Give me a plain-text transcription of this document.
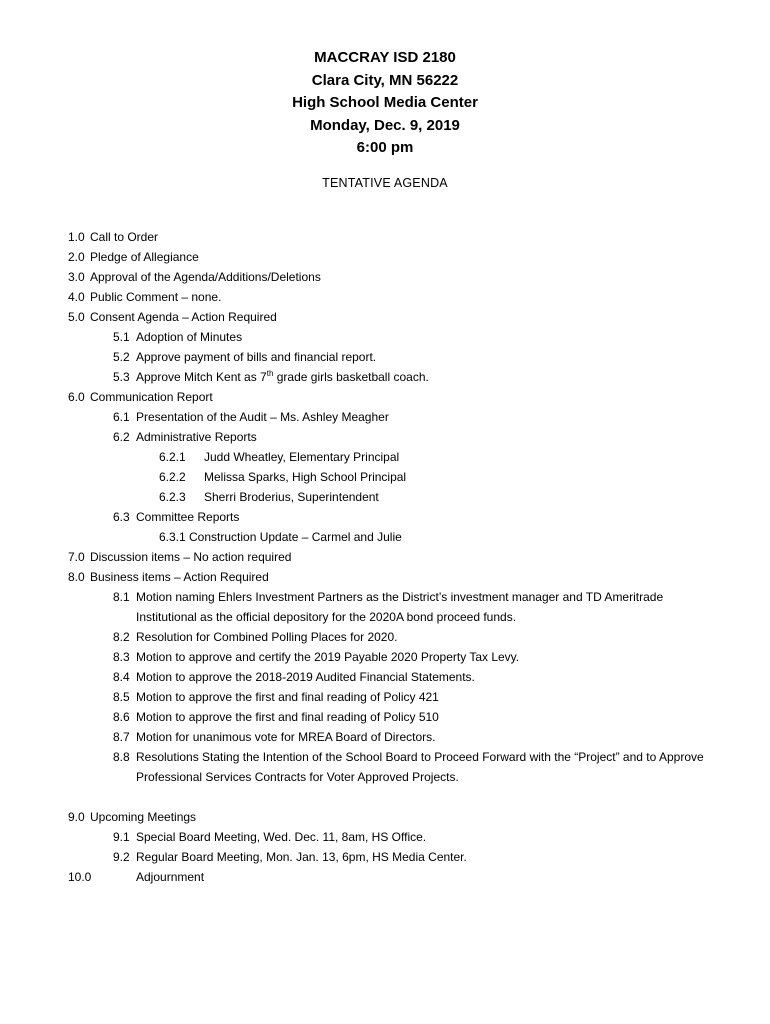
MACCRAY ISD 2180
Clara City, MN 56222
High School Media Center
Monday, Dec. 9, 2019
6:00 pm
TENTATIVE AGENDA
1.0 Call to Order
2.0 Pledge of Allegiance
3.0 Approval of the Agenda/Additions/Deletions
4.0 Public Comment – none.
5.0 Consent Agenda – Action Required
5.1 Adoption of Minutes
5.2 Approve payment of bills and financial report.
5.3 Approve Mitch Kent as 7th grade girls basketball coach.
6.0 Communication Report
6.1 Presentation of the Audit – Ms. Ashley Meagher
6.2 Administrative Reports
6.2.1 Judd Wheatley, Elementary Principal
6.2.2 Melissa Sparks, High School Principal
6.2.3 Sherri Broderius, Superintendent
6.3 Committee Reports
6.3.1 Construction Update – Carmel and Julie
7.0 Discussion items – No action required
8.0 Business items – Action Required
8.1 Motion naming Ehlers Investment Partners as the District’s investment manager and TD Ameritrade Institutional as the official depository for the 2020A bond proceed funds.
8.2 Resolution for Combined Polling Places for 2020.
8.3 Motion to approve and certify the 2019 Payable 2020 Property Tax Levy.
8.4 Motion to approve the 2018-2019 Audited Financial Statements.
8.5 Motion to approve the first and final reading of Policy 421
8.6 Motion to approve the first and final reading of Policy 510
8.7 Motion for unanimous vote for MREA Board of Directors.
8.8 Resolutions Stating the Intention of the School Board to Proceed Forward with the “Project” and to Approve Professional Services Contracts for Voter Approved Projects.
9.0 Upcoming Meetings
9.1 Special Board Meeting, Wed. Dec. 11, 8am, HS Office.
9.2 Regular Board Meeting, Mon. Jan. 13, 6pm, HS Media Center.
10.0	Adjournment
